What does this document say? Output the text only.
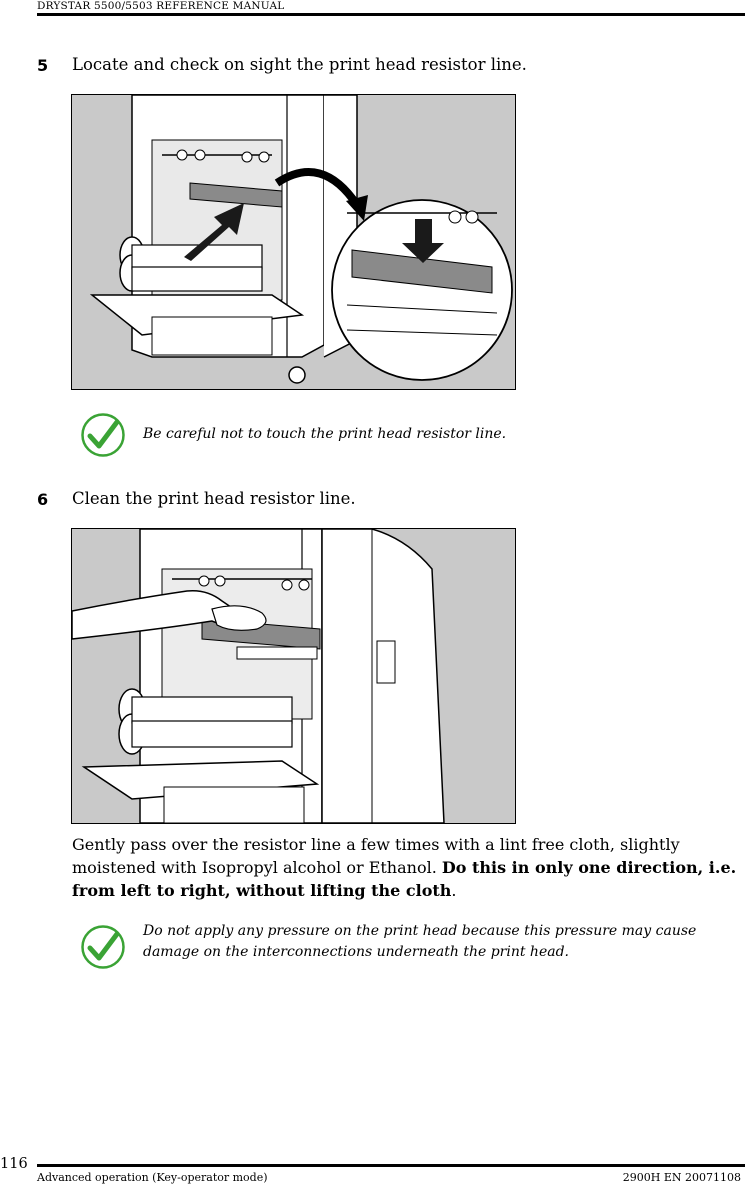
DRYSTAR 5500/5503 REFERENCE MANUAL
5 Locate and check on sight the print head resistor line.
Be careful not to touch the print head resistor line.
6 Clean the print head resistor line.
Gently pass over the resistor line a few times with a lint free cloth, slightly moistened with Isopropyl alcohol or Ethanol. Do this in only one direction, i.e. from left to right, without lifting the cloth.
Do not apply any pressure on the print head because this pressure may cause damage on the interconnections underneath the print head.
116
Advanced operation (Key-operator mode)	2900H EN 20071108
